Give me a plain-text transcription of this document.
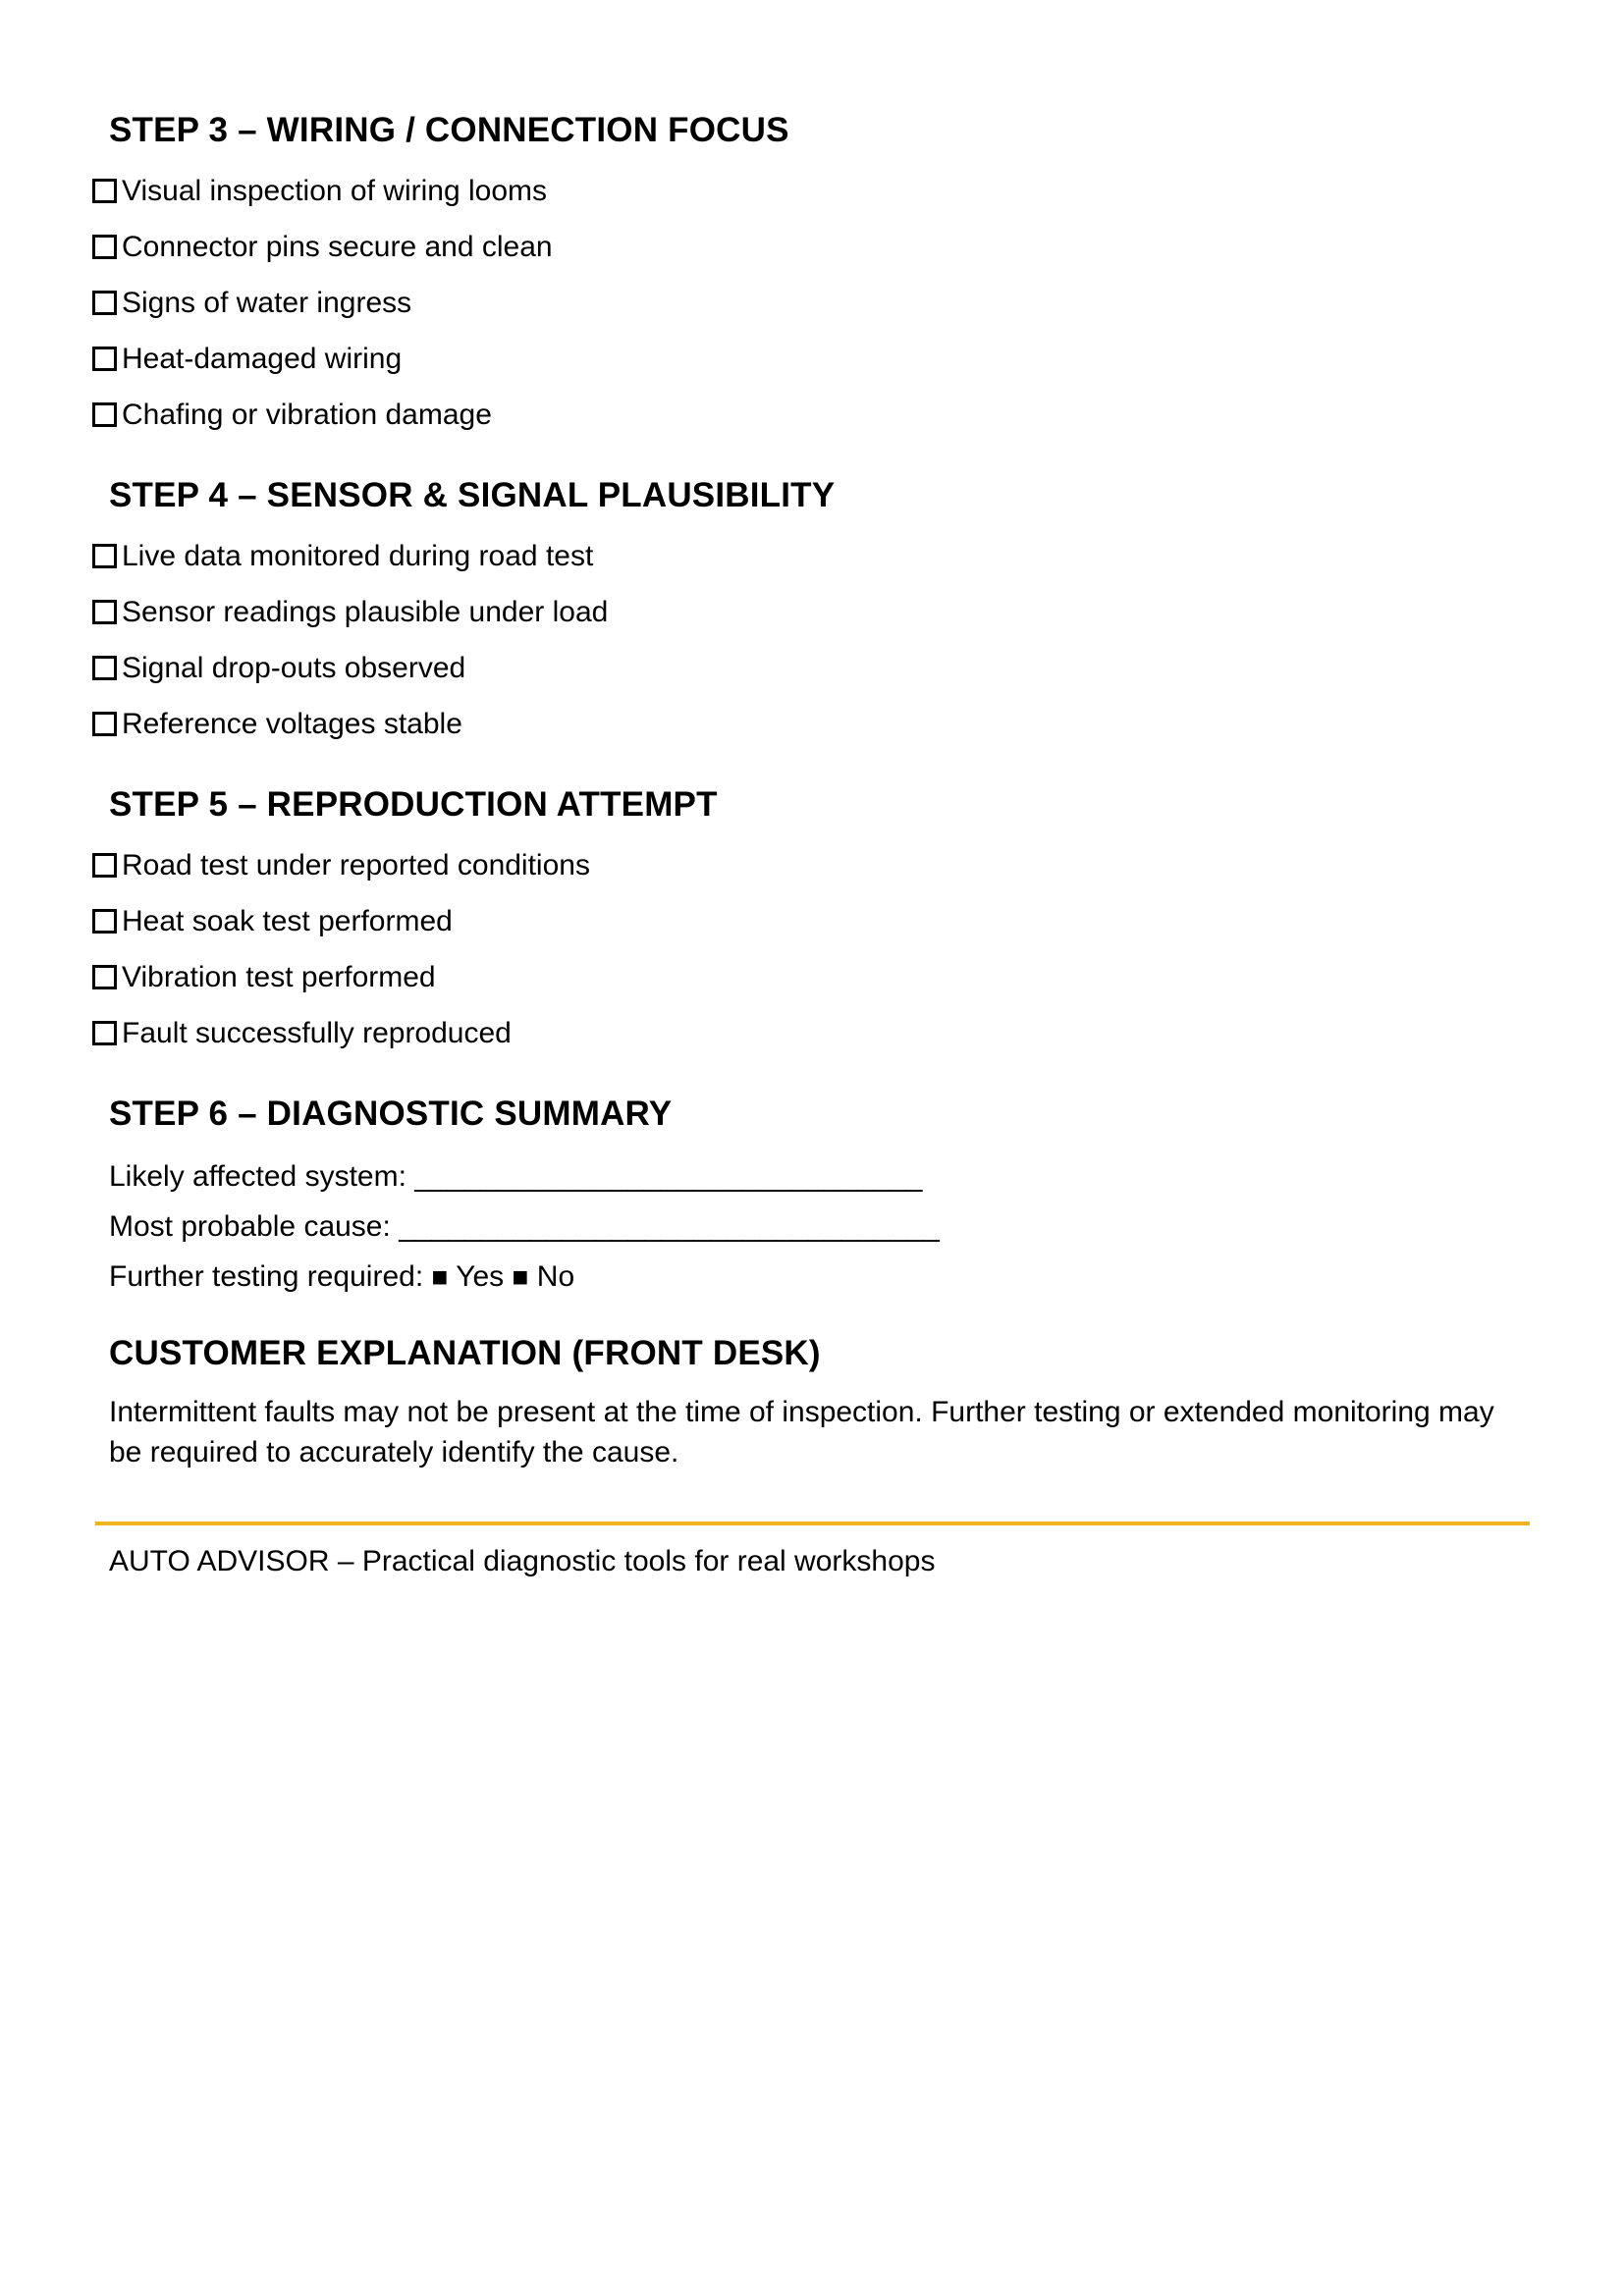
STEP 3 – WIRING / CONNECTION FOCUS
Visual inspection of wiring looms
Connector pins secure and clean
Signs of water ingress
Heat-damaged wiring
Chafing or vibration damage
STEP 4 – SENSOR & SIGNAL PLAUSIBILITY
Live data monitored during road test
Sensor readings plausible under load
Signal drop-outs observed
Reference voltages stable
STEP 5 – REPRODUCTION ATTEMPT
Road test under reported conditions
Heat soak test performed
Vibration test performed
Fault successfully reproduced
STEP 6 – DIAGNOSTIC SUMMARY

Likely affected system: _______________________________

Most probable cause: _________________________________

Further testing required: ■ Yes ■ No

CUSTOMER EXPLANATION (FRONT DESK)

Intermittent faults may not be present at the time of inspection. Further testing or extended monitoring may be required to accurately identify the cause.

AUTO ADVISOR – Practical diagnostic tools for real workshops
